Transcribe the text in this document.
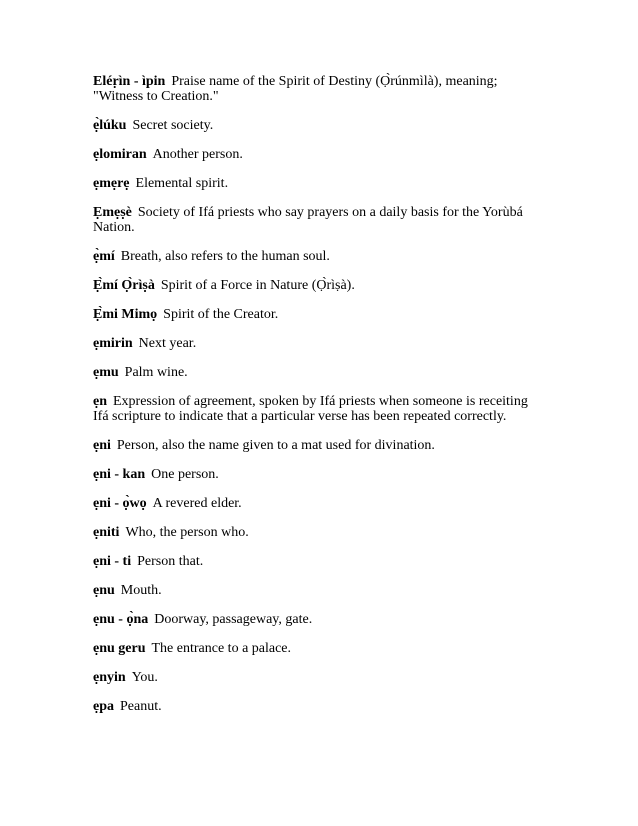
Eléṛìn - ìpin Praise name of the Spirit of Destiny (Ọ̀rúnmìlà), meaning; "Witness to Creation."

ẹ̀lúku Secret society.

ẹlomiran Another person.

ẹmẹrẹ Elemental spirit.

Ẹmẹṣè Society of Ifá priests who say prayers on a daily basis for the Yorùbá Nation.

ẹ̀mí Breath, also refers to the human soul.

Ẹ̀mí Ọ̀rìṣà Spirit of a Force in Nature (Ọ̀rìṣà).

Ẹ̀mi Mimọ Spirit of the Creator.

ẹmirin Next year.

ẹmu Palm wine.

ẹn Expression of agreement, spoken by Ifá priests when someone is receiting Ifá scripture to indicate that a particular verse has been repeated correctly.

ẹni Person, also the name given to a mat used for divination.

ẹni - kan One person.

ẹni - ọ̀wọ A revered elder.

ẹniti Who, the person who.

ẹni - ti Person that.

ẹnu Mouth.

ẹnu - ọ̀na Doorway, passageway, gate.

ẹnu geru The entrance to a palace.

ẹnyin You.

ẹpa Peanut.
